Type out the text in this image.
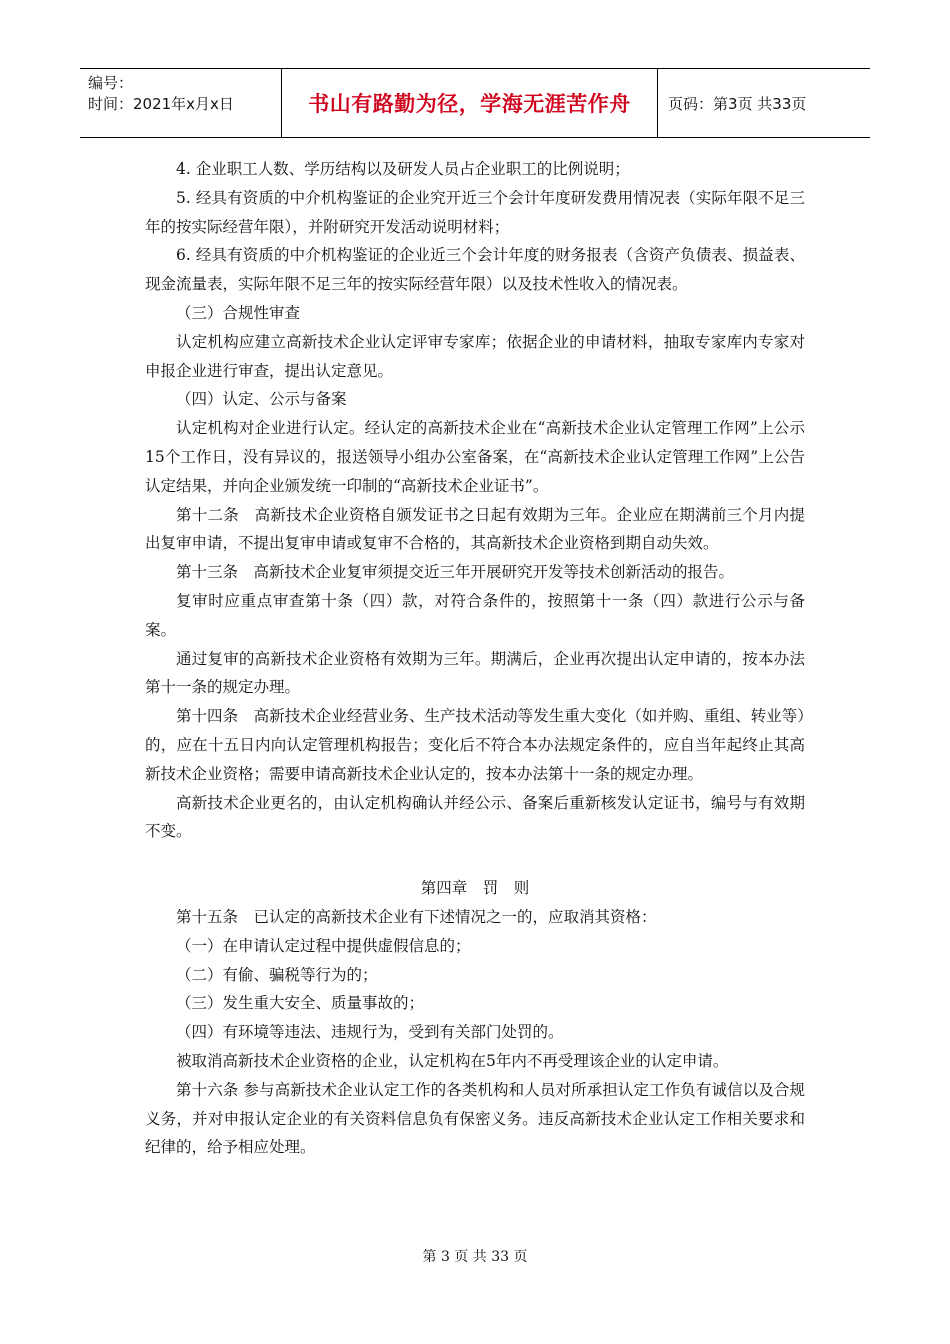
编号：
时间：2021年x月x日	书山有路勤为径，学海无涯苦作舟	页码：第3页 共33页

4. 企业职工人数、学历结构以及研发人员占企业职工的比例说明；

5. 经具有资质的中介机构鉴证的企业究开近三个会计年度研发费用情况表（实际年限不足三年的按实际经营年限），并附研究开发活动说明材料；

6. 经具有资质的中介机构鉴证的企业近三个会计年度的财务报表（含资产负债表、损益表、现金流量表，实际年限不足三年的按实际经营年限）以及技术性收入的情况表。

（三）合规性审查

认定机构应建立高新技术企业认定评审专家库；依据企业的申请材料，抽取专家库内专家对申报企业进行审查，提出认定意见。

（四）认定、公示与备案

认定机构对企业进行认定。经认定的高新技术企业在“高新技术企业认定管理工作网”上公示15个工作日，没有异议的，报送领导小组办公室备案，在“高新技术企业认定管理工作网”上公告认定结果，并向企业颁发统一印制的“高新技术企业证书”。

第十二条　高新技术企业资格自颁发证书之日起有效期为三年。企业应在期满前三个月内提出复审申请，不提出复审申请或复审不合格的，其高新技术企业资格到期自动失效。

第十三条　高新技术企业复审须提交近三年开展研究开发等技术创新活动的报告。

复审时应重点审查第十条（四）款，对符合条件的，按照第十一条（四）款进行公示与备案。

通过复审的高新技术企业资格有效期为三年。期满后，企业再次提出认定申请的，按本办法第十一条的规定办理。

第十四条　高新技术企业经营业务、生产技术活动等发生重大变化（如并购、重组、转业等）的，应在十五日内向认定管理机构报告；变化后不符合本办法规定条件的，应自当年起终止其高新技术企业资格；需要申请高新技术企业认定的，按本办法第十一条的规定办理。

高新技术企业更名的，由认定机构确认并经公示、备案后重新核发认定证书，编号与有效期不变。

第四章　罚　则

第十五条　已认定的高新技术企业有下述情况之一的，应取消其资格：

（一）在申请认定过程中提供虚假信息的；

（二）有偷、骗税等行为的；

（三）发生重大安全、质量事故的；

（四）有环境等违法、违规行为，受到有关部门处罚的。

被取消高新技术企业资格的企业，认定机构在5年内不再受理该企业的认定申请。

第十六条 参与高新技术企业认定工作的各类机构和人员对所承担认定工作负有诚信以及合规义务，并对申报认定企业的有关资料信息负有保密义务。违反高新技术企业认定工作相关要求和纪律的，给予相应处理。

第 3 页 共 33 页
